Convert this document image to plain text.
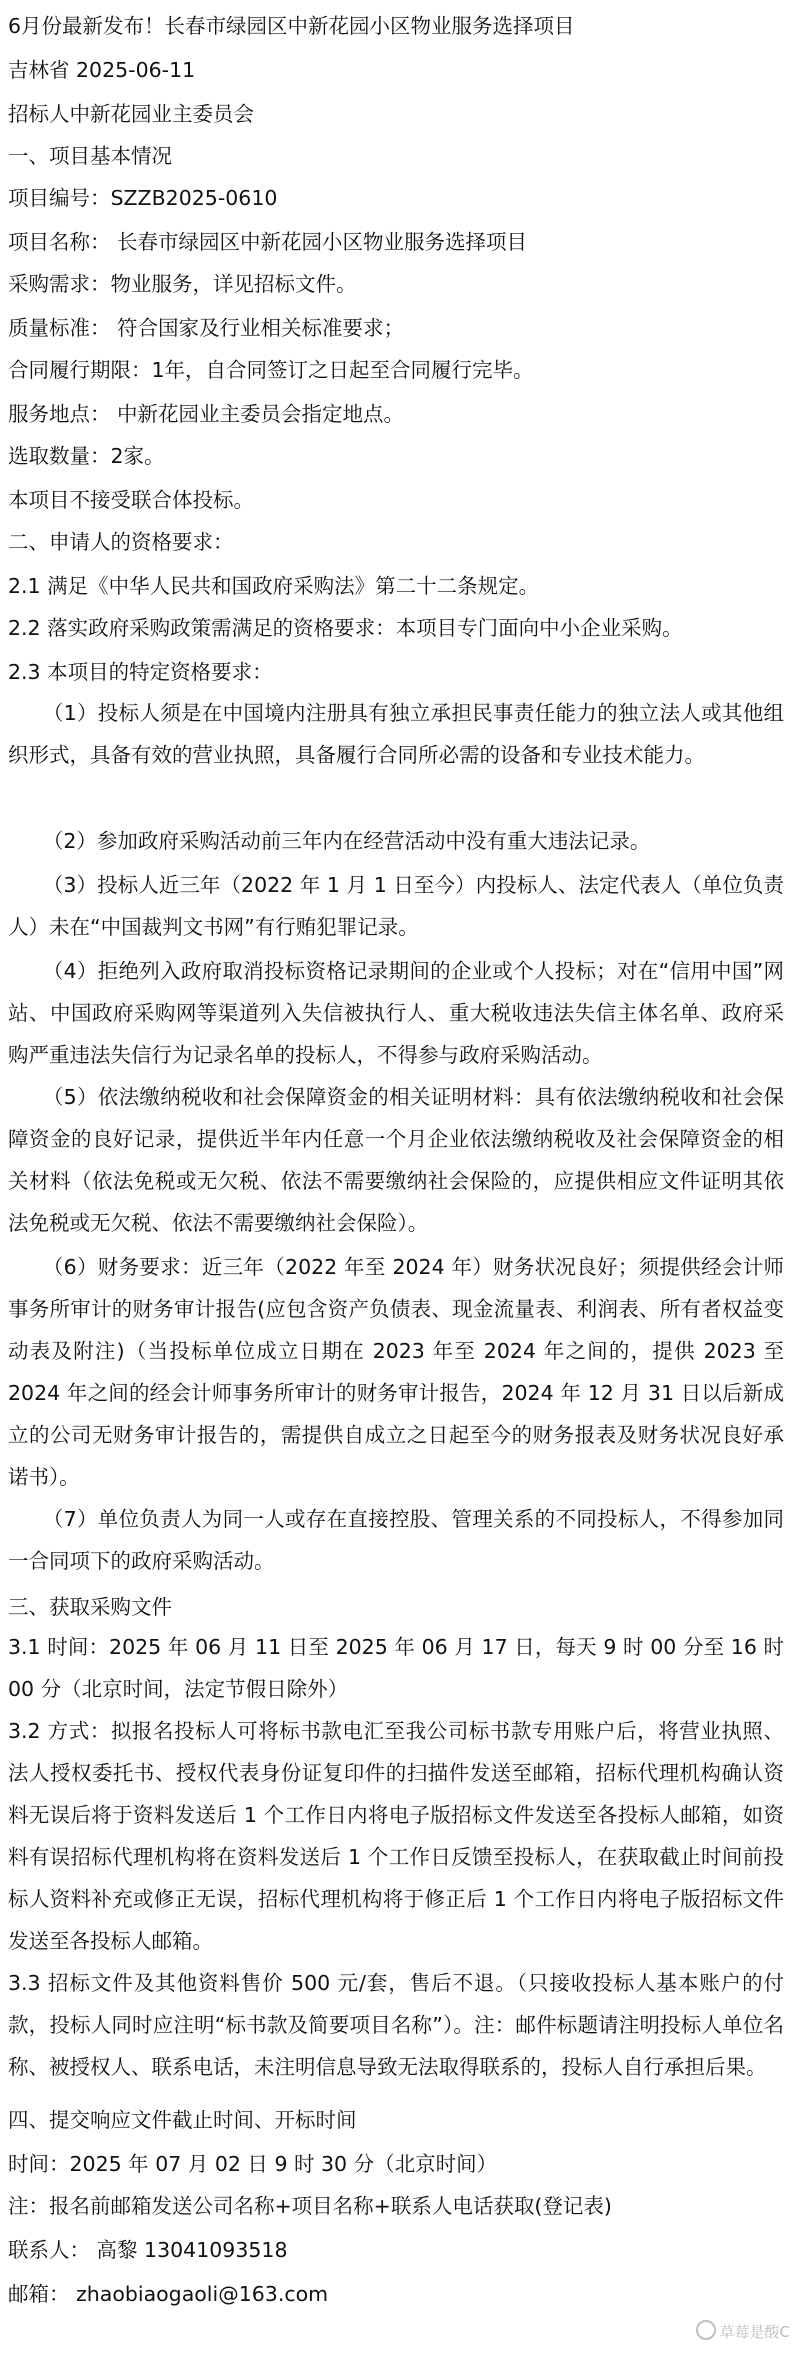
6月份最新发布！长春市绿园区中新花园小区物业服务选择项目
吉林省 2025-06-11
招标人中新花园业主委员会
一、项目基本情况
项目编号：SZZB2025-0610
项目名称： 长春市绿园区中新花园小区物业服务选择项目
采购需求：物业服务，详见招标文件。
质量标准： 符合国家及行业相关标准要求；
合同履行期限：1年，自合同签订之日起至合同履行完毕。
服务地点： 中新花园业主委员会指定地点。
选取数量：2家。
本项目不接受联合体投标。
二、申请人的资格要求：
2.1 满足《中华人民共和国政府采购法》第二十二条规定。
2.2 落实政府采购政策需满足的资格要求：本项目专门面向中小企业采购。
2.3 本项目的特定资格要求：
（1）投标人须是在中国境内注册具有独立承担民事责任能力的独立法人或其他组织形式，具备有效的营业执照，具备履行合同所必需的设备和专业技术能力。
（2）参加政府采购活动前三年内在经营活动中没有重大违法记录。
（3）投标人近三年（2022 年 1 月 1 日至今）内投标人、法定代表人（单位负责人）未在“中国裁判文书网”有行贿犯罪记录。
（4）拒绝列入政府取消投标资格记录期间的企业或个人投标；对在“信用中国”网站、中国政府采购网等渠道列入失信被执行人、重大税收违法失信主体名单、政府采购严重违法失信行为记录名单的投标人，不得参与政府采购活动。
（5）依法缴纳税收和社会保障资金的相关证明材料：具有依法缴纳税收和社会保障资金的良好记录，提供近半年内任意一个月企业依法缴纳税收及社会保障资金的相关材料（依法免税或无欠税、依法不需要缴纳社会保险的，应提供相应文件证明其依法免税或无欠税、依法不需要缴纳社会保险）。
（6）财务要求：近三年（2022 年至 2024 年）财务状况良好；须提供经会计师事务所审计的财务审计报告(应包含资产负债表、现金流量表、利润表、所有者权益变动表及附注)（当投标单位成立日期在 2023 年至 2024 年之间的，提供 2023 至 2024 年之间的经会计师事务所审计的财务审计报告，2024 年 12 月 31 日以后新成立的公司无财务审计报告的，需提供自成立之日起至今的财务报表及财务状况良好承诺书）。
（7）单位负责人为同一人或存在直接控股、管理关系的不同投标人，不得参加同一合同项下的政府采购活动。
三、获取采购文件
3.1 时间：2025 年 06 月 11 日至 2025 年 06 月 17 日，每天 9 时 00 分至 16 时 00 分（北京时间，法定节假日除外）
3.2 方式：拟报名投标人可将标书款电汇至我公司标书款专用账户后，将营业执照、法人授权委托书、授权代表身份证复印件的扫描件发送至邮箱，招标代理机构确认资料无误后将于资料发送后 1 个工作日内将电子版招标文件发送至各投标人邮箱，如资料有误招标代理机构将在资料发送后 1 个工作日反馈至投标人，在获取截止时间前投标人资料补充或修正无误，招标代理机构将于修正后 1 个工作日内将电子版招标文件发送至各投标人邮箱。
3.3 招标文件及其他资料售价 500 元/套，售后不退。（只接收投标人基本账户的付款，投标人同时应注明“标书款及简要项目名称”）。注：邮件标题请注明投标人单位名称、被授权人、联系电话，未注明信息导致无法取得联系的，投标人自行承担后果。
四、提交响应文件截止时间、开标时间
时间：2025 年 07 月 02 日 9 时 30 分（北京时间）
注：报名前邮箱发送公司名称+项目名称+联系人电话获取(登记表)
联系人： 高黎 13041093518
邮箱： zhaobiaogaoli@163.com
草莓是酸C
